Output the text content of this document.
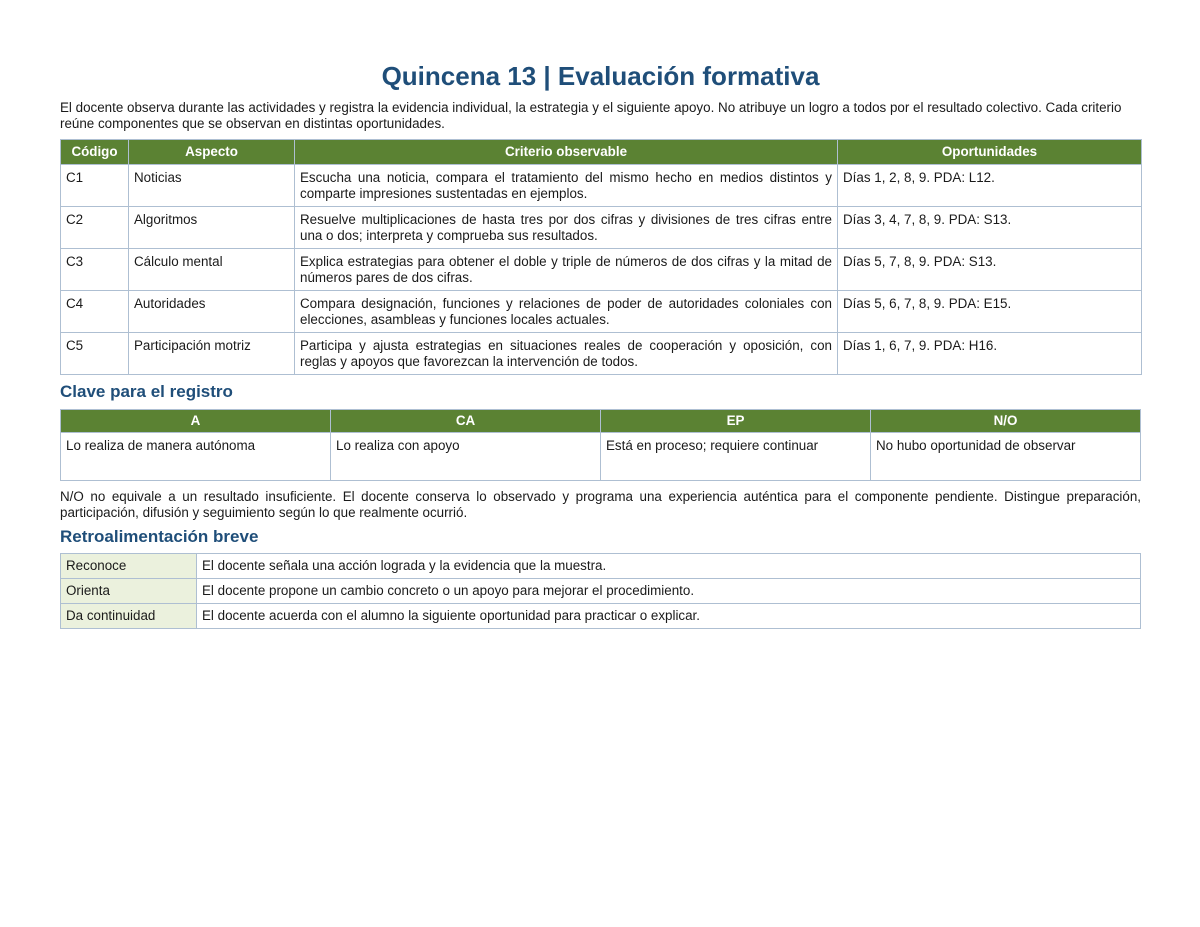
Quincena 13 | Evaluación formativa

El docente observa durante las actividades y registra la evidencia individual, la estrategia y el siguiente apoyo. No atribuye un logro a todos por el resultado colectivo. Cada criterio reúne componentes que se observan en distintas oportunidades.

Código	Aspecto	Criterio observable	Oportunidades
C1	Noticias	Escucha una noticia, compara el tratamiento del mismo hecho en medios distintos y comparte impresiones sustentadas en ejemplos.	Días 1, 2, 8, 9. PDA: L12.
C2	Algoritmos	Resuelve multiplicaciones de hasta tres por dos cifras y divisiones de tres cifras entre una o dos; interpreta y comprueba sus resultados.	Días 3, 4, 7, 8, 9. PDA: S13.
C3	Cálculo mental	Explica estrategias para obtener el doble y triple de números de dos cifras y la mitad de números pares de dos cifras.	Días 5, 7, 8, 9. PDA: S13.
C4	Autoridades	Compara designación, funciones y relaciones de poder de autoridades coloniales con elecciones, asambleas y funciones locales actuales.	Días 5, 6, 7, 8, 9. PDA: E15.
C5	Participación motriz	Participa y ajusta estrategias en situaciones reales de cooperación y oposición, con reglas y apoyos que favorezcan la intervención de todos.	Días 1, 6, 7, 9. PDA: H16.
Clave para el registro
A	CA	EP	N/O
Lo realiza de manera autónoma	Lo realiza con apoyo	Está en proceso; requiere continuar	No hubo oportunidad de observar

N/O no equivale a un resultado insuficiente. El docente conserva lo observado y programa una experiencia auténtica para el componente pendiente. Distingue preparación, participación, difusión y seguimiento según lo que realmente ocurrió.

Retroalimentación breve
Reconoce	El docente señala una acción lograda y la evidencia que la muestra.
Orienta	El docente propone un cambio concreto o un apoyo para mejorar el procedimiento.
Da continuidad	El docente acuerda con el alumno la siguiente oportunidad para practicar o explicar.
